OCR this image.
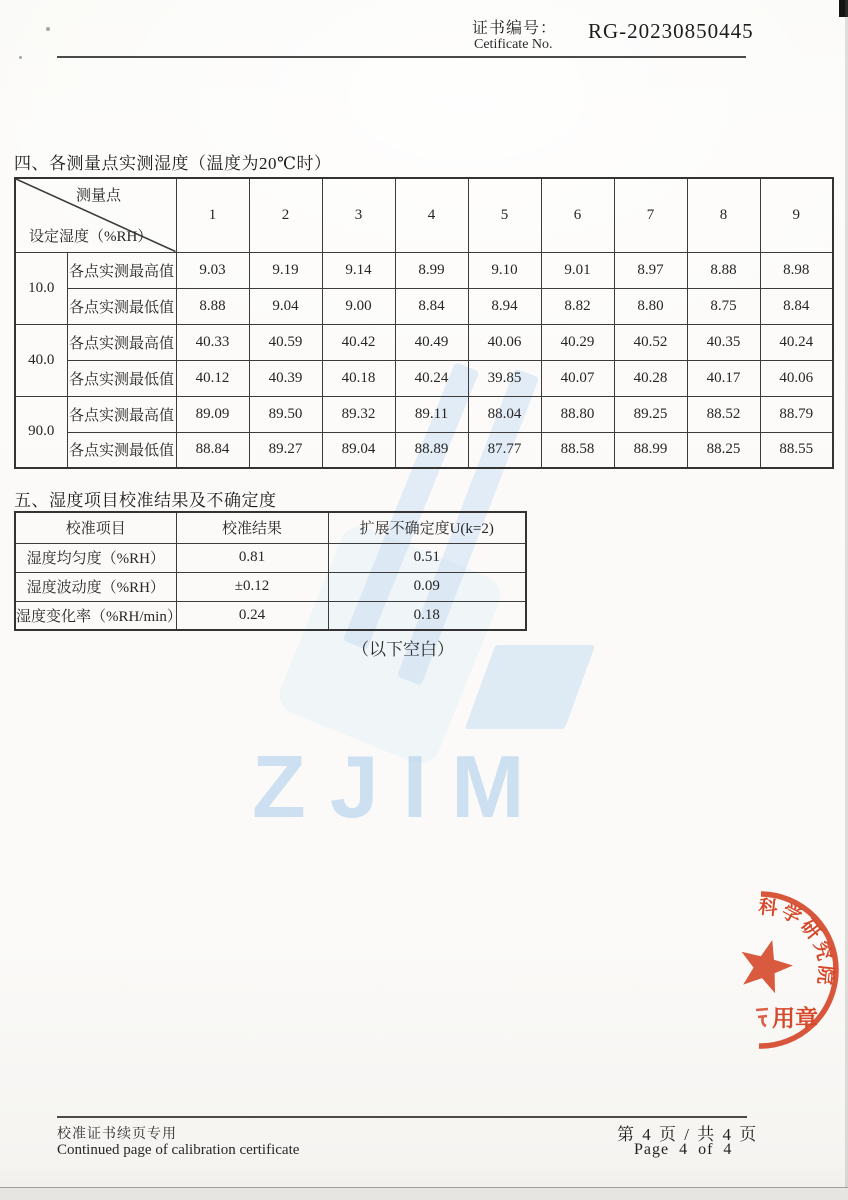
ZJIM
证书编号：
Cetificate No.
RG-20230850445
四、各测量点实测湿度（温度为20℃时）
测量点
设定湿度（%RH）		1	2	3	4	5	6	7	8	9
10.0	各点实测最高值	9.03	9.19	9.14	8.99	9.10	9.01	8.97	8.88	8.98
	各点实测最低值	8.88	9.04	9.00	8.84	8.94	8.82	8.80	8.75	8.84
40.0	各点实测最高值	40.33	40.59	40.42	40.49	40.06	40.29	40.52	40.35	40.24
	各点实测最低值	40.12	40.39	40.18	40.24	39.85	40.07	40.28	40.17	40.06
90.0	各点实测最高值	89.09	89.50	89.32	89.11	88.04	88.80	89.25	88.52	88.79
	各点实测最低值	88.84	89.27	89.04	88.89	87.77	88.58	88.99	88.25	88.55
五、湿度项目校准结果及不确定度
校准项目	校准结果	扩展不确定度U(k=2)
湿度均匀度（%RH）	0.81	0.51
湿度波动度（%RH）	±0.12	0.09
湿度变化率（%RH/min）	0.24	0.18
（以下空白）
科学研究院
用章
校准证书续页专用
Continued page of calibration certificate
第 4 页 / 共 4 页
Page 4 of 4
